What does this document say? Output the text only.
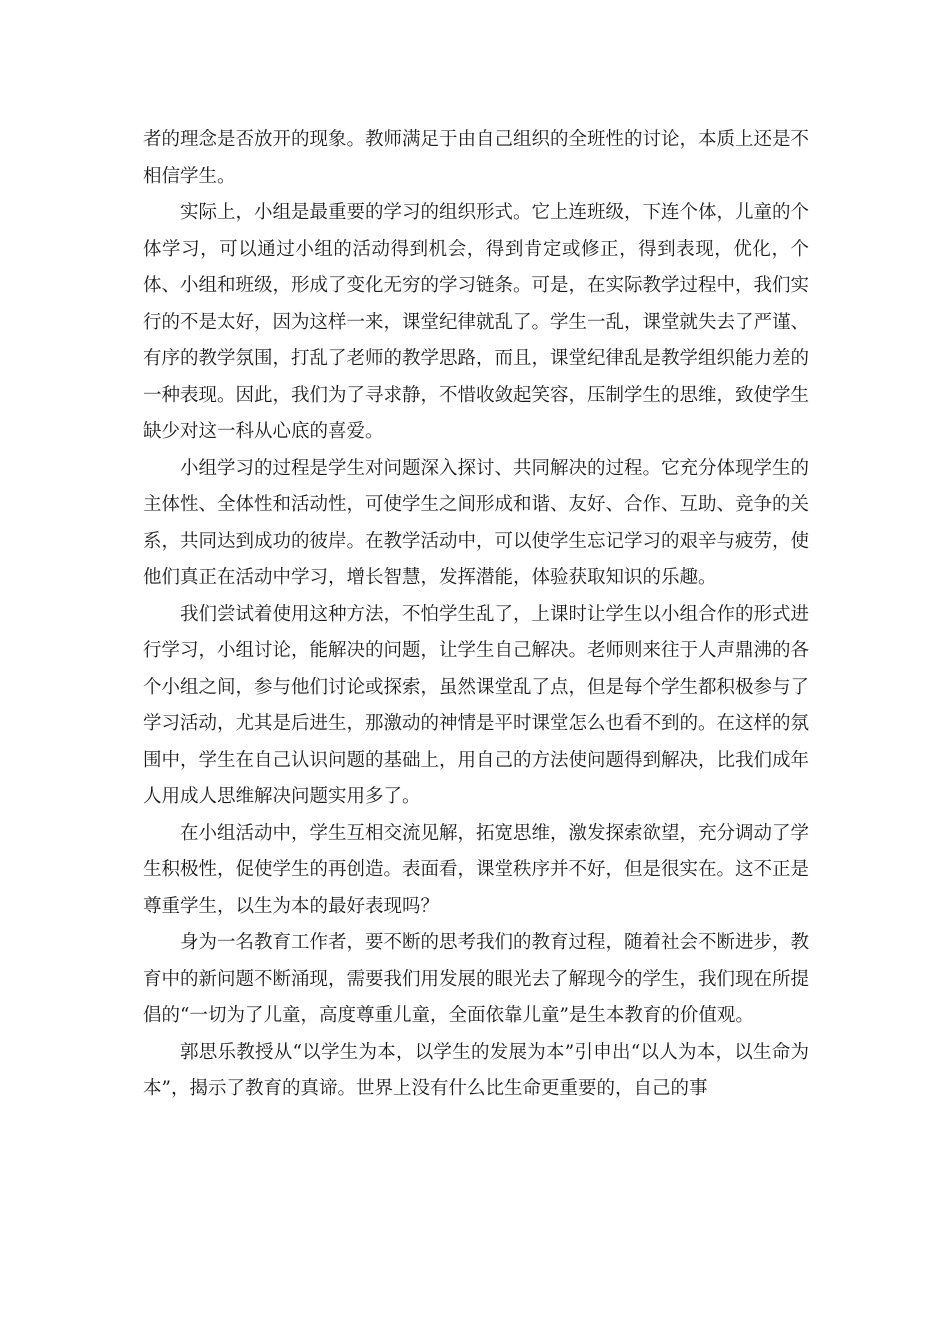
者的理念是否放开的现象。教师满足于由自己组织的全班性的讨论，本质上还是不相信学生。

实际上，小组是最重要的学习的组织形式。它上连班级，下连个体，儿童的个体学习，可以通过小组的活动得到机会，得到肯定或修正，得到表现，优化，个体、小组和班级，形成了变化无穷的学习链条。可是，在实际教学过程中，我们实行的不是太好，因为这样一来，课堂纪律就乱了。学生一乱，课堂就失去了严谨、有序的教学氛围，打乱了老师的教学思路，而且，课堂纪律乱是教学组织能力差的一种表现。因此，我们为了寻求静，不惜收敛起笑容，压制学生的思维，致使学生缺少对这一科从心底的喜爱。

小组学习的过程是学生对问题深入探讨、共同解决的过程。它充分体现学生的主体性、全体性和活动性，可使学生之间形成和谐、友好、合作、互助、竞争的关系，共同达到成功的彼岸。在教学活动中，可以使学生忘记学习的艰辛与疲劳，使他们真正在活动中学习，增长智慧，发挥潜能，体验获取知识的乐趣。

我们尝试着使用这种方法，不怕学生乱了，上课时让学生以小组合作的形式进行学习，小组讨论，能解决的问题，让学生自己解决。老师则来往于人声鼎沸的各个小组之间，参与他们讨论或探索，虽然课堂乱了点，但是每个学生都积极参与了学习活动，尤其是后进生，那激动的神情是平时课堂怎么也看不到的。在这样的氛围中，学生在自己认识问题的基础上，用自己的方法使问题得到解决，比我们成年人用成人思维解决问题实用多了。

在小组活动中，学生互相交流见解，拓宽思维，激发探索欲望，充分调动了学生积极性，促使学生的再创造。表面看，课堂秩序并不好，但是很实在。这不正是尊重学生，以生为本的最好表现吗？

身为一名教育工作者，要不断的思考我们的教育过程，随着社会不断进步，教育中的新问题不断涌现，需要我们用发展的眼光去了解现今的学生，我们现在所提倡的“一切为了儿童，高度尊重儿童，全面依靠儿童”是生本教育的价值观。

郭思乐教授从“以学生为本，以学生的发展为本”引申出“以人为本，以生命为本”，揭示了教育的真谛。世界上没有什么比生命更重要的，自己的事
